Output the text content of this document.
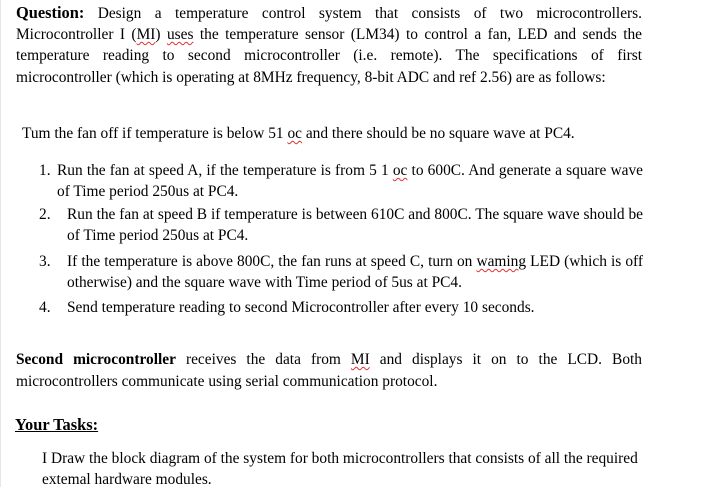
Question: Design a temperature control system that consists of two microcontrollers. Microcontroller I (MI) uses the temperature sensor (LM34) to control a fan, LED and sends the temperature reading to second microcontroller (i.e. remote). The specifications of first microcontroller (which is operating at 8MHz frequency, 8-bit ADC and ref 2.56) are as follows:
Tum the fan off if temperature is below 51 oc and there should be no square wave at PC4.
1. Run the fan at speed A, if the temperature is from 5 1 oc to 600C. And generate a square wave of Time period 250us at PC4.
2. Run the fan at speed B if temperature is between 610C and 800C. The square wave should be of Time period 250us at PC4.
3. If the temperature is above 800C, the fan runs at speed C, turn on waming LED (which is off otherwise) and the square wave with Time period of 5us at PC4.
4. Send temperature reading to second Microcontroller after every 10 seconds.
Second microcontroller receives the data from MI and displays it on to the LCD. Both microcontrollers communicate using serial communication protocol.
Your Tasks:
I Draw the block diagram of the system for both microcontrollers that consists of all the required extemal hardware modules.
